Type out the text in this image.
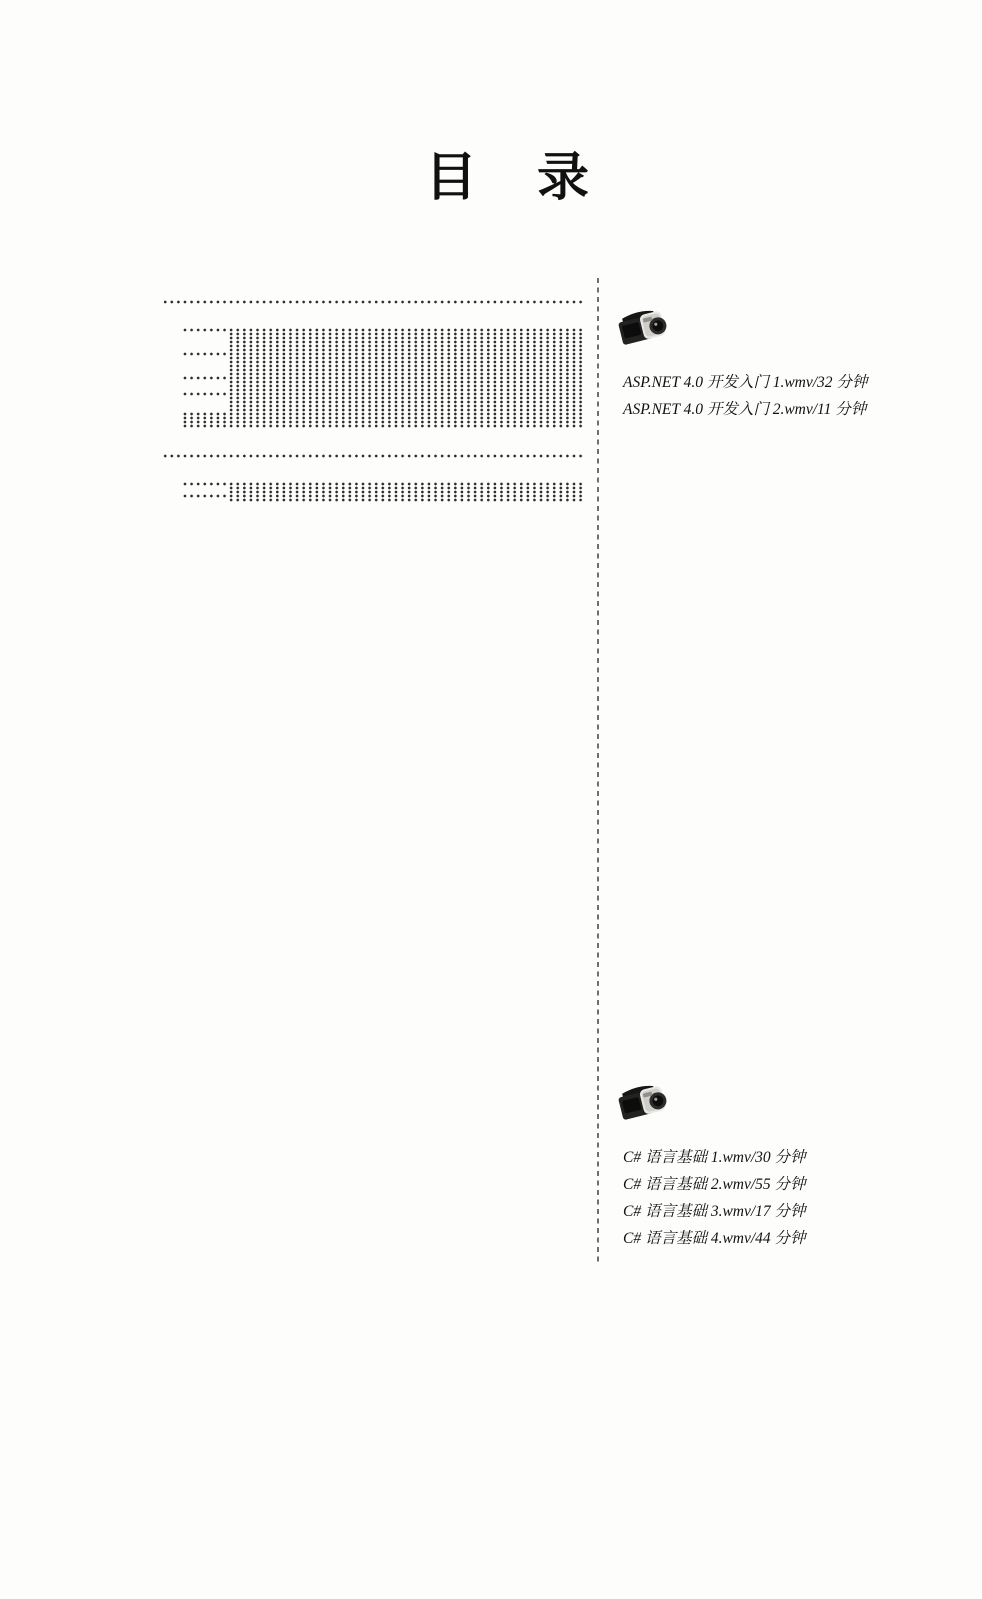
目　录
ASP.NET 4.0 开发入门 1.wmv/32 分钟
ASP.NET 4.0 开发入门 2.wmv/11 分钟
C# 语言基础 1.wmv/30 分钟
C# 语言基础 2.wmv/55 分钟
C# 语言基础 3.wmv/17 分钟
C# 语言基础 4.wmv/44 分钟
